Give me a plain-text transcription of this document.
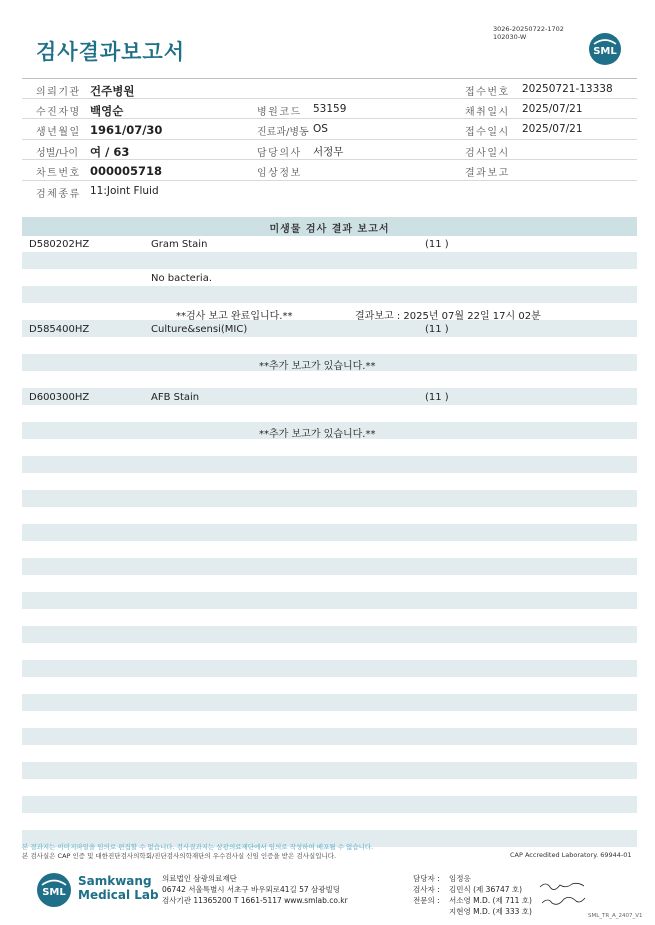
3026-20250722-1702
102030-W
검사결과보고서	SML
의뢰기관 건주병원	접수번호 20250721-13338
수진자명 백영순	병원코드 53159	채취일시 2025/07/21
생년월일 1961/07/30	진료과/병동 OS	접수일시 2025/07/21
성별/나이 여 / 63	담당의사 서정무	검사일시
차트번호 000005718	임상정보	결과보고
검체종류 11:Joint Fluid
미생물 검사 결과 보고서
D580202HZ	Gram Stain	(11 )
No bacteria.
**검사 보고 완료입니다.**	결과보고 : 2025년 07월 22일 17시 02분
D585400HZ	Culture&sensi(MIC)	(11 )
**추가 보고가 있습니다.**
D600300HZ	AFB Stain	(11 )
**추가 보고가 있습니다.**
본 결과지는 이미지파일을 임의로 편집할 수 없습니다. 검사결과지는 삼광의료재단에서 임의로 작성하여 배포될 수 없습니다.
본 검사실은 CAP 인증 및 대한진단검사의학회/진단검사의학재단의 우수검사실 신임 인증을 받은 검사실입니다.	CAP Accredited Laboratory. 69944-01
SML
Samkwang
Medical Lab
의료법인 삼광의료재단
06742 서울특별시 서초구 바우뫼로41길 57 삼광빌딩
검사기관 11365200 T 1661-5117 www.smlab.co.kr
담당자 :	임정응
검사자 :	김민식 (제 36747 호)
전문의 :	서소영 M.D. (제 711 호)
지현영 M.D. (제 333 호)	SML_TR_A_2407_V1
